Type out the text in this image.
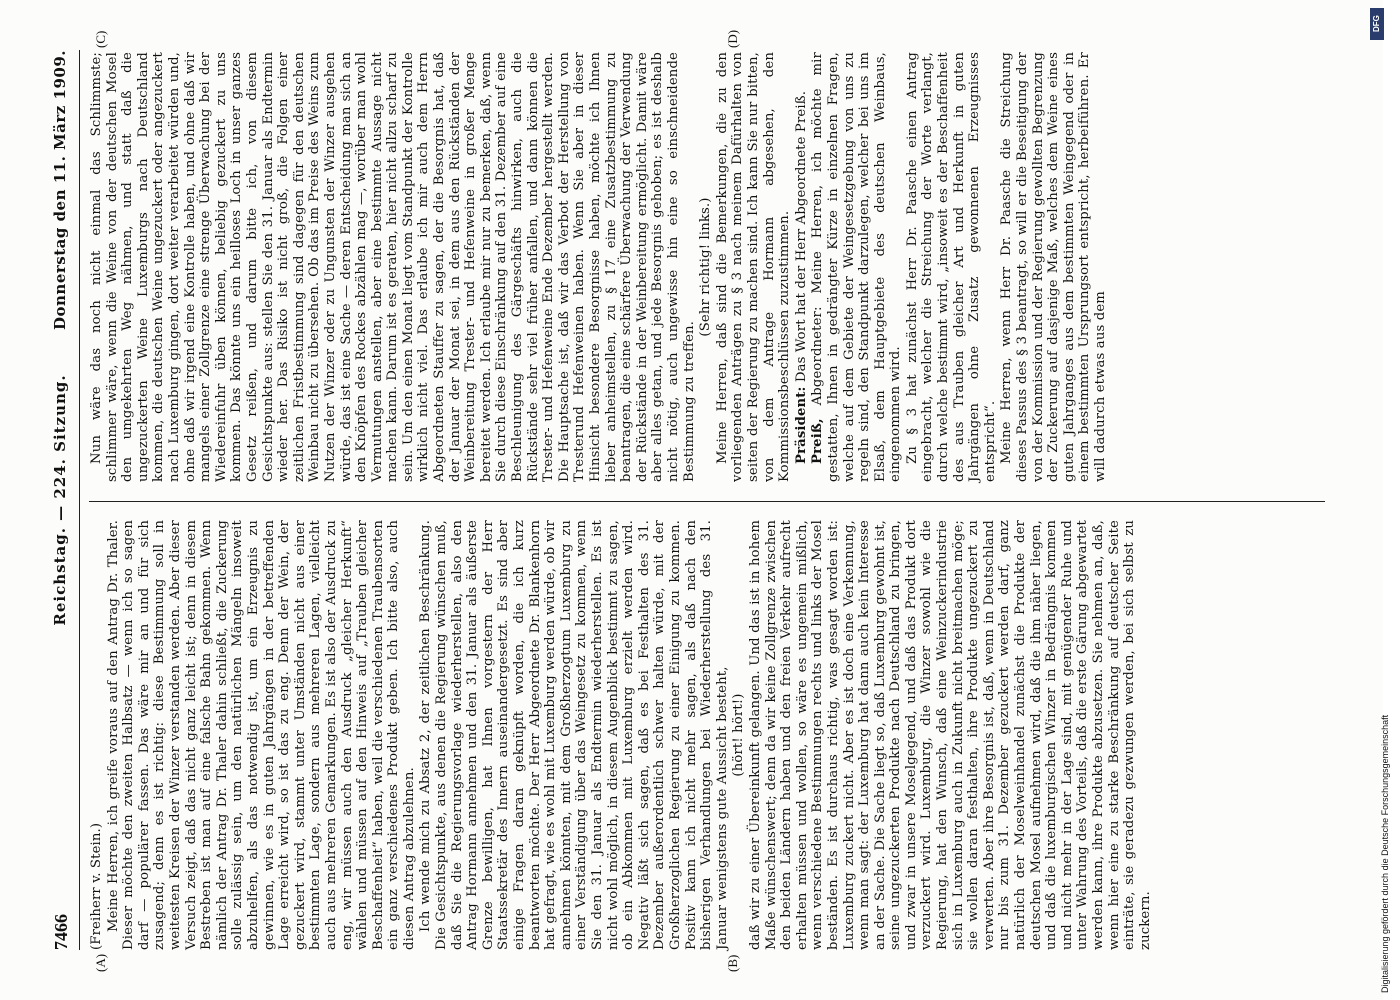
7466
Reichstag. — 224. Sitzung.
Donnerstag den 11. März 1909.
(A)	(B)
(C)	(D)

(Freiherr v. Stein.) Meine Herren, ich greife voraus auf den Antrag Dr. Thaler. Dieser möchte den zweiten Halbsatz — wenn ich so sagen darf — populärer fassen. Das wäre mir an und für sich zusagend; denn es ist richtig: diese Bestimmung soll in weitesten Kreisen der Winzer verstanden werden. Aber dieser Versuch zeigt, daß das nicht ganz leicht ist; denn in diesem Bestreben ist man auf eine falsche Bahn gekommen. Wenn nämlich der Antrag Dr. Thaler dahin schließt, die Zuckerung solle zulässig sein, um den natürlichen Mängeln insoweit abzuhelfen, als das notwendig ist, um ein Erzeugnis zu gewinnen, wie es in guten Jahrgängen in der betreffenden Lage erreicht wird, so ist das zu eng. Denn der Wein, der gezuckert wird, stammt unter Umständen nicht aus einer bestimmten Lage, sondern aus mehreren Lagen, vielleicht auch aus mehreren Gemarkungen. Es ist also der Ausdruck zu eng, wir müssen auch den Ausdruck „gleicher Herkunft“ wählen und müssen auf den Hinweis auf „Trauben gleicher Beschaffenheit“ haben, weil die verschiedenen Traubensorten ein ganz verschiedenes Produkt geben. Ich bitte also, auch diesen Antrag abzulehnen. Ich wende mich zu Absatz 2, der zeitlichen Beschränkung. Die Gesichtspunkte, aus denen die Regierung wünschen muß, daß Sie die Regierungsvorlage wiederherstellen, also den Antrag Hormann annehmen und den 31. Januar als äußerste Grenze bewilligen, hat Ihnen vorgestern der Herr Staatssekretär des Innern auseinandergesetzt. Es sind aber einige Fragen daran geknüpft worden, die ich kurz beantworten möchte. Der Herr Abgeordnete Dr. Blankenhorn hat gefragt, wie es wohl mit Luxemburg werden würde, ob wir annehmen könnten, mit dem Großherzogtum Luxemburg zu einer Verständigung über das Weingesetz zu kommen, wenn Sie den 31. Januar als Endtermin wiederherstellen. Es ist nicht wohl möglich, in diesem Augenblick bestimmt zu sagen, ob ein Abkommen mit Luxemburg erzielt werden wird. Negativ läßt sich sagen, daß es bei Festhalten des 31. Dezember außerordentlich schwer halten würde, mit der Großherzoglichen Regierung zu einer Einigung zu kommen. Positiv kann ich nicht mehr sagen, als daß nach den bisherigen Verhandlungen bei Wiederherstellung des 31. Januar wenigstens gute Aussicht besteht, (hört! hört!) daß wir zu einer Übereinkunft gelangen. Und das ist in hohem Maße wünschenswert; denn da wir keine Zollgrenze zwischen den beiden Ländern haben und den freien Verkehr aufrecht erhalten müssen und wollen, so wäre es ungemein mißlich, wenn verschiedene Bestimmungen rechts und links der Mosel beständen. Es ist durchaus richtig, was gesagt worden ist: Luxemburg zuckert nicht. Aber es ist doch eine Verkennung, wenn man sagt: der Luxemburg hat dann auch kein Interesse an der Sache. Die Sache liegt so, daß Luxemburg gewohnt ist, seine ungezuckerten Produkte nach Deutschland zu bringen, und zwar in unsere Moselgegend, und daß das Produkt dort verzuckert wird. Luxemburg, die Winzer sowohl wie die Regierung, hat den Wunsch, daß eine Weinzuckerindustrie sich in Luxemburg auch in Zukunft nicht breitmachen möge; sie wollen daran festhalten, ihre Produkte ungezuckert zu verwerten. Aber ihre Besorgnis ist, daß, wenn in Deutschland nur bis zum 31. Dezember gezuckert werden darf, ganz natürlich der Moselweinhandel zunächst die Produkte der deutschen Mosel aufnehmen wird, daß die ihm näher liegen, und daß die luxemburgischen Winzer in Bedrängnis kommen und nicht mehr in der Lage sind, mit genügender Ruhe und unter Wahrung des Vorteils, daß die erste Gärung abgewartet werden kann, ihre Produkte abzusetzen. Sie nehmen an, daß, wenn hier eine zu starke Beschränkung auf deutscher Seite einträte, sie geradezu gezwungen werden, bei sich selbst zu zuckern.

Nun wäre das noch nicht einmal das Schlimmste; schlimmer wäre, wenn die Weine von der deutschen Mosel den umgekehrten Weg nähmen, und statt daß die ungezuckerten Weine Luxemburgs nach Deutschland kommen, die deutschen Weine ungezuckert oder angezuckert nach Luxemburg gingen, dort weiter verarbeitet würden und, ohne daß wir irgend eine Kontrolle haben, und ohne daß wir mangels einer Zollgrenze eine strenge Überwachung bei der Wiedereinfuhr üben können, beliebig gezuckert zu uns kommen. Das könnte uns ein heilloses Loch in unser ganzes Gesetz reißen, und darum bitte ich, von diesem Gesichtspunkte aus: stellen Sie den 31. Januar als Endtermin wieder her. Das Risiko ist nicht groß, die Folgen einer zeitlichen Fristbestimmung sind dagegen für den deutschen Weinbau nicht zu übersehen. Ob das im Preise des Weins zum Nutzen der Winzer oder zu Ungunsten der Winzer ausgehen würde, das ist eine Sache — deren Entscheidung man sich an den Knöpfen des Rockes abzählen mag —, worüber man wohl Vermutungen anstellen, aber eine bestimmte Aussage nicht machen kann. Darum ist es geraten, hier nicht allzu scharf zu sein. Um den einen Monat liegt vom Standpunkt der Kontrolle wirklich nicht viel. Das erlaube ich mir auch dem Herrn Abgeordneten Stauffer zu sagen, der die Besorgnis hat, daß der Januar der Monat sei, in dem aus den Rückständen der Weinbereitung Trester- und Hefenweine in großer Menge bereitet werden. Ich erlaube mir nur zu bemerken, daß, wenn Sie durch diese Einschränkung auf den 31. Dezember auf eine Beschleunigung des Gärgeschäfts hinwirken, auch die Rückstände sehr viel früher anfallen, und dann können die Trester- und Hefenweine Ende Dezember hergestellt werden. Die Hauptsache ist, daß wir das Verbot der Herstellung von Tresterund Hefenweinen haben. Wenn Sie aber in dieser Hinsicht besondere Besorgnisse haben, möchte ich Ihnen lieber anheimstellen, zu § 17 eine Zusatzbestimmung zu beantragen, die eine schärfere Überwachung der Verwendung der Rückstände in der Weinbereitung ermöglicht. Damit wäre aber alles getan, und jede Besorgnis gehoben; es ist deshalb nicht nötig, auch ungewisse hin eine so einschneidende Bestimmung zu treffen.

(Sehr richtig! links.) Meine Herren, daß sind die Bemerkungen, die zu den vorliegenden Anträgen zu § 3 nach meinem Dafürhalten von seiten der Regierung zu machen sind. Ich kann Sie nur bitten, von dem Antrage Hormann abgesehen, den Kommissionsbeschlüssen zuzustimmen. Präsident: Das Wort hat der Herr Abgeordnete Preiß.

Preiß, Abgeordneter: Meine Herren, ich möchte mir gestatten, Ihnen in gedrängter Kürze in einzelnen Fragen, welche auf dem Gebiete der Weingesetzgebung von uns zu regeln sind, den Standpunkt darzulegen, welcher bei uns im Elsaß, dem Hauptgebiete des deutschen Weinbaus, eingenommen wird. Zu § 3 hat zunächst Herr Dr. Paasche einen Antrag eingebracht, welcher die Streichung der Worte verlangt, durch welche bestimmt wird, „insoweit es der Beschaffenheit des aus Trauben gleicher Art und Herkunft in guten Jahrgängen ohne Zusatz gewonnenen Erzeugnisses entspricht“. Meine Herren, wenn Herr Dr. Paasche die Streichung dieses Passus des § 3 beantragt, so will er die Beseitigung der von der Kommission und der Regierung gewollten Begrenzung der Zuckerung auf dasjenige Maß, welches dem Weine eines guten Jahrganges aus dem bestimmten Weingegend oder in einem bestimmten Ursprungsort entspricht, herbeiführen. Er will dadurch etwas aus dem

DFG
Digitalisierung gefördert durch die Deutsche Forschungsgemeinschaft
